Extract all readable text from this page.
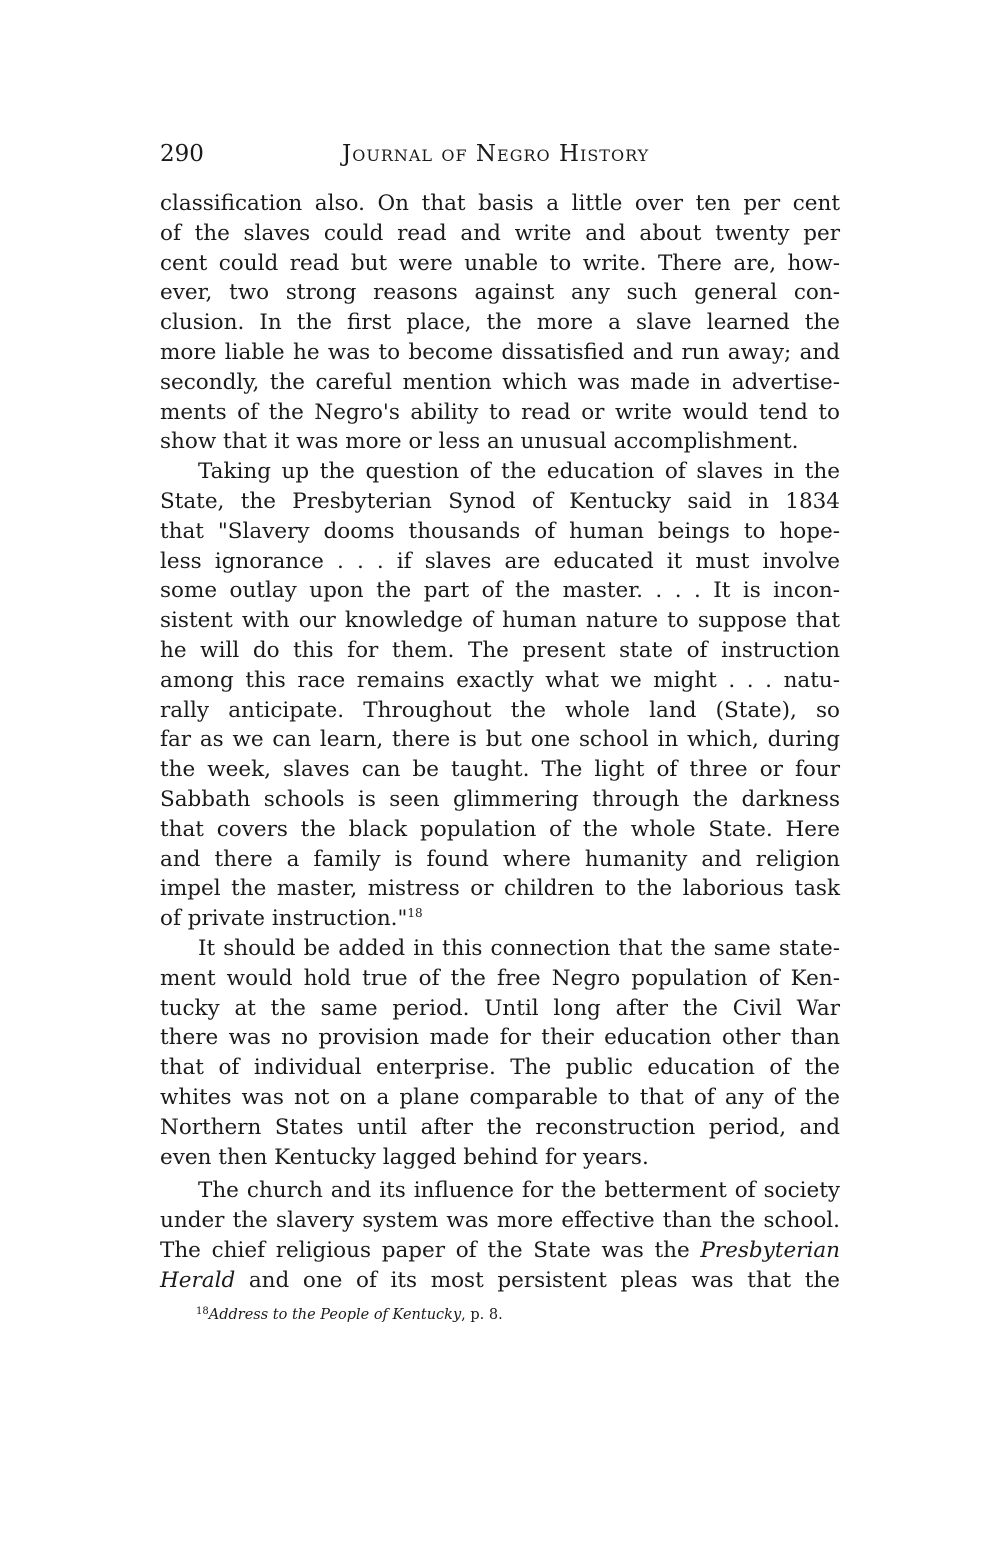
290	Journal of Negro History
classification also. On that basis a little over ten per cent
of the slaves could read and write and about twenty per
cent could read but were unable to write. There are, how-
ever, two strong reasons against any such general con-
clusion. In the first place, the more a slave learned the
more liable he was to become dissatisfied and run away; and
secondly, the careful mention which was made in advertise-
ments of the Negro's ability to read or write would tend to
show that it was more or less an unusual accomplishment.
Taking up the question of the education of slaves in the
State, the Presbyterian Synod of Kentucky said in 1834
that "Slavery dooms thousands of human beings to hope-
less ignorance . . . if slaves are educated it must involve
some outlay upon the part of the master. . . . It is incon-
sistent with our knowledge of human nature to suppose that
he will do this for them. The present state of instruction
among this race remains exactly what we might . . . natu-
rally anticipate. Throughout the whole land (State), so
far as we can learn, there is but one school in which, during
the week, slaves can be taught. The light of three or four
Sabbath schools is seen glimmering through the darkness
that covers the black population of the whole State. Here
and there a family is found where humanity and religion
impel the master, mistress or children to the laborious task
of private instruction."$^{18}$
It should be added in this connection that the same state-
ment would hold true of the free Negro population of Ken-
tucky at the same period. Until long after the Civil War
there was no provision made for their education other than
that of individual enterprise. The public education of the
whites was not on a plane comparable to that of any of the
Northern States until after the reconstruction period, and
even then Kentucky lagged behind for years.
The church and its influence for the betterment of society
under the slavery system was more effective than the school.
The chief religious paper of the State was the Presbyterian
Herald and one of its most persistent pleas was that the
$^{18}$Address to the People of Kentucky, p. 8.
